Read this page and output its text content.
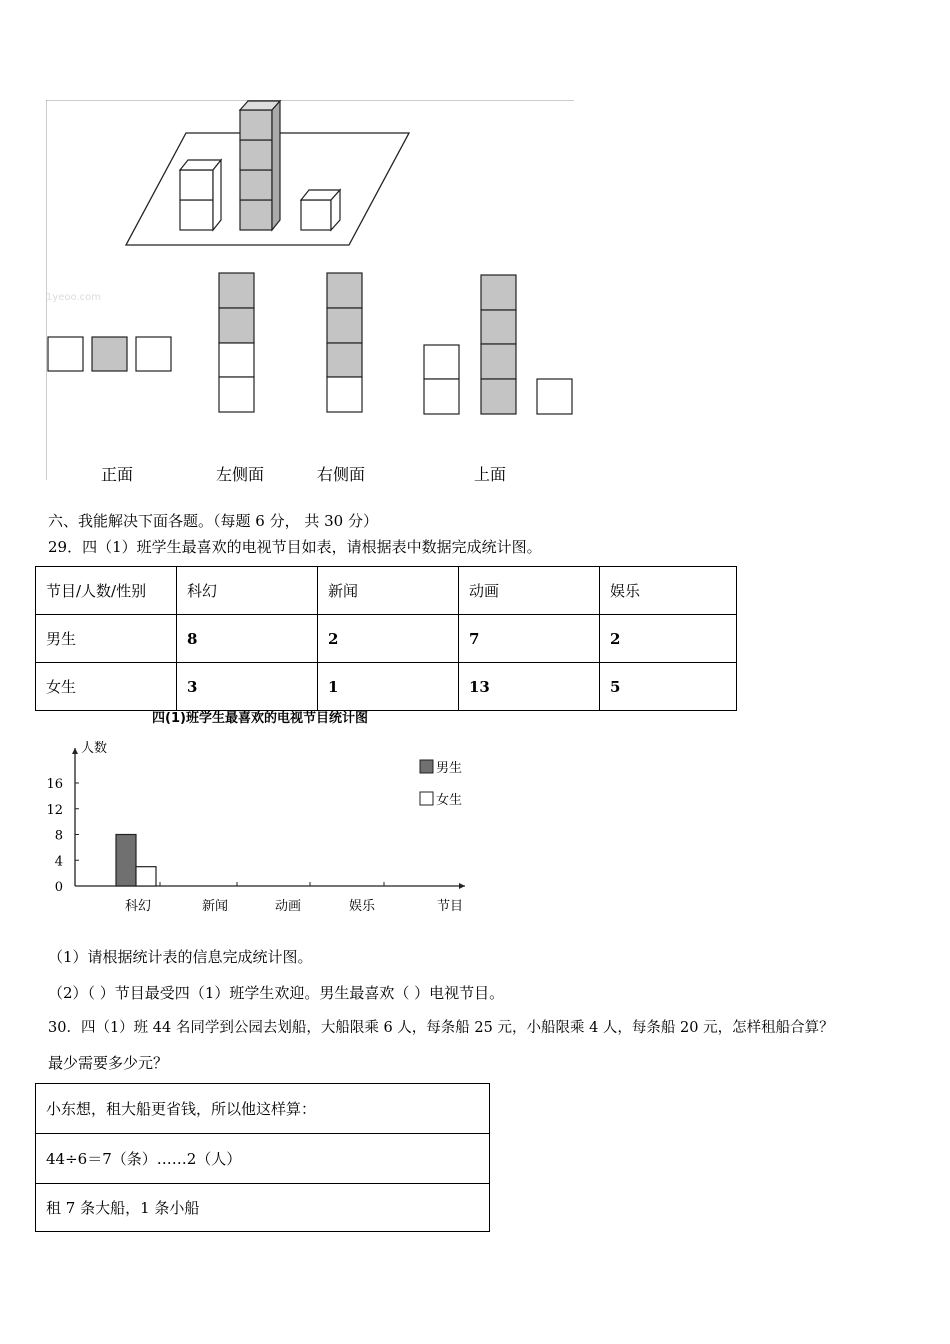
1yeoo.com
正面	左侧面	右侧面	上面
六、我能解决下面各题。（每题 6 分， 共 30 分）
29．四（1）班学生最喜欢的电视节目如表，请根据表中数据完成统计图。
节目/人数/性别	科幻	新闻	动画	娱乐
男生	8	2	7	2
女生	3	1	13	5
四(1)班学生最喜欢的电视节目统计图
人数
0
4
8
12
16
科幻	新闻	动画	娱乐	节目
男生
女生
（1）请根据统计表的信息完成统计图。
（2）（ ）节目最受四（1）班学生欢迎。男生最喜欢（ ）电视节目。
30．四（1）班 44 名同学到公园去划船，大船限乘 6 人，每条船 25 元，小船限乘 4 人，每条船 20 元，怎样租船合算？
最少需要多少元？
小东想，租大船更省钱，所以他这样算：
44÷6＝7（条）……2（人）
租 7 条大船，1 条小船
